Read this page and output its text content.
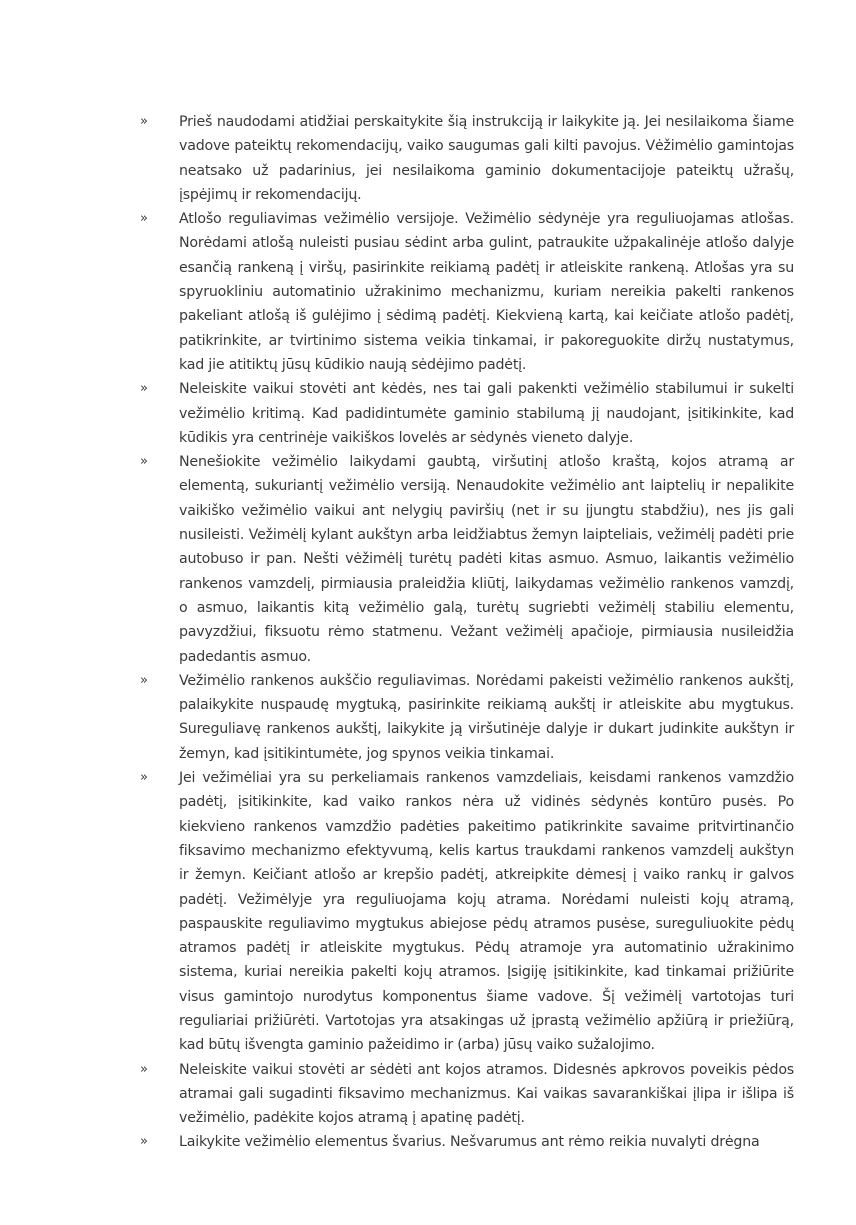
»	Prieš naudodami atidžiai perskaitykite šią instrukciją ir laikykite ją. Jei nesilaikoma šiame vadove pateiktų rekomendacijų, vaiko saugumas gali kilti pavojus. Vėžimėlio gamintojas neatsako už padarinius, jei nesilaikoma gaminio dokumentacijoje pateiktų užrašų, įspėjimų ir rekomendacijų.
»	Atlošo reguliavimas vežimėlio versijoje. Vežimėlio sėdynėje yra reguliuojamas atlošas. Norėdami atlošą nuleisti pusiau sėdint arba gulint, patraukite užpakalinėje atlošo dalyje esančią rankeną į viršų, pasirinkite reikiamą padėtį ir atleiskite rankeną. Atlošas yra su spyruokliniu automatinio užrakinimo mechanizmu, kuriam nereikia pakelti rankenos pakeliant atlošą iš gulėjimo į sėdimą padėtį. Kiekvieną kartą, kai keičiate atlošo padėtį, patikrinkite, ar tvirtinimo sistema veikia tinkamai, ir pakoreguokite diržų nustatymus, kad jie atitiktų jūsų kūdikio naują sėdėjimo padėtį.
»	Neleiskite vaikui stovėti ant kėdės, nes tai gali pakenkti vežimėlio stabilumui ir sukelti vežimėlio kritimą. Kad padidintumėte gaminio stabilumą jį naudojant, įsitikinkite, kad kūdikis yra centrinėje vaikiškos lovelės ar sėdynės vieneto dalyje.
»	Nenešiokite vežimėlio laikydami gaubtą, viršutinį atlošo kraštą, kojos atramą ar elementą, sukuriantį vežimėlio versiją. Nenaudokite vežimėlio ant laiptelių ir nepalikite vaikiško vežimėlio vaikui ant nelygių paviršių (net ir su įjungtu stabdžiu), nes jis gali nusileisti. Vežimėlį kylant aukštyn arba leidžiabtus žemyn laipteliais, vežimėlį padėti prie autobuso ir pan. Nešti vėžimėlį turėtų padėti kitas asmuo. Asmuo, laikantis vežimėlio rankenos vamzdelį, pirmiausia praleidžia kliūtį, laikydamas vežimėlio rankenos vamzdį, o asmuo, laikantis kitą vežimėlio galą, turėtų sugriebti vežimėlį stabiliu elementu, pavyzdžiui, fiksuotu rėmo statmenu. Vežant vežimėlį apačioje, pirmiausia nusileidžia padedantis asmuo.
»	Vežimėlio rankenos aukščio reguliavimas. Norėdami pakeisti vežimėlio rankenos aukštį, palaikykite nuspaudę mygtuką, pasirinkite reikiamą aukštį ir atleiskite abu mygtukus. Sureguliavę rankenos aukštį, laikykite ją viršutinėje dalyje ir dukart judinkite aukštyn ir žemyn, kad įsitikintumėte, jog spynos veikia tinkamai.
»	Jei vežimėliai yra su perkeliamais rankenos vamzdeliais, keisdami rankenos vamzdžio padėtį, įsitikinkite, kad vaiko rankos nėra už vidinės sėdynės kontūro pusės. Po kiekvieno rankenos vamzdžio padėties pakeitimo patikrinkite savaime pritvirtinančio fiksavimo mechanizmo efektyvumą, kelis kartus traukdami rankenos vamzdelį aukštyn ir žemyn. Keičiant atlošo ar krepšio padėtį, atkreipkite dėmesį į vaiko rankų ir galvos padėtį. Vežimėlyje yra reguliuojama kojų atrama. Norėdami nuleisti kojų atramą, paspauskite reguliavimo mygtukus abiejose pėdų atramos pusėse, sureguliuokite pėdų atramos padėtį ir atleiskite mygtukus. Pėdų atramoje yra automatinio užrakinimo sistema, kuriai nereikia pakelti kojų atramos. Įsigiję įsitikinkite, kad tinkamai prižiūrite visus gamintojo nurodytus komponentus šiame vadove. Šį vežimėlį vartotojas turi reguliariai prižiūrėti. Vartotojas yra atsakingas už įprastą vežimėlio apžiūrą ir priežiūrą, kad būtų išvengta gaminio pažeidimo ir (arba) jūsų vaiko sužalojimo.
»	Neleiskite vaikui stovėti ar sėdėti ant kojos atramos. Didesnės apkrovos poveikis pėdos atramai gali sugadinti fiksavimo mechanizmus. Kai vaikas savarankiškai įlipa ir išlipa iš vežimėlio, padėkite kojos atramą į apatinę padėtį.
»	Laikykite vežimėlio elementus švarius. Nešvarumus ant rėmo reikia nuvalyti drėgna
